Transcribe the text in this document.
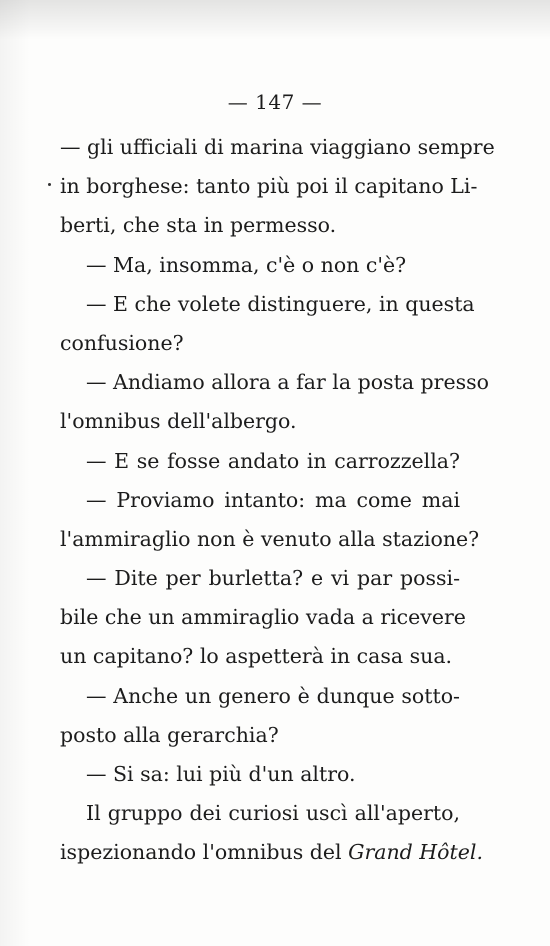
— 147 —
— gli ufficiali di marina viaggiano sempre
in borghese: tanto più poi il capitano Li-
berti, che sta in permesso.
— Ma, insomma, c'è o non c'è?
— E che volete distinguere, in questa
confusione?
— Andiamo allora a far la posta presso
l'omnibus dell'albergo.
— E se fosse andato in carrozzella?
— Proviamo intanto: ma come mai
l'ammiraglio non è venuto alla stazione?
— Dite per burletta? e vi par possi-
bile che un ammiraglio vada a ricevere
un capitano? lo aspetterà in casa sua.
— Anche un genero è dunque sotto-
posto alla gerarchia?
— Si sa: lui più d'un altro.
Il gruppo dei curiosi uscì all'aperto,
ispezionando l'omnibus del Grand Hôtel.
